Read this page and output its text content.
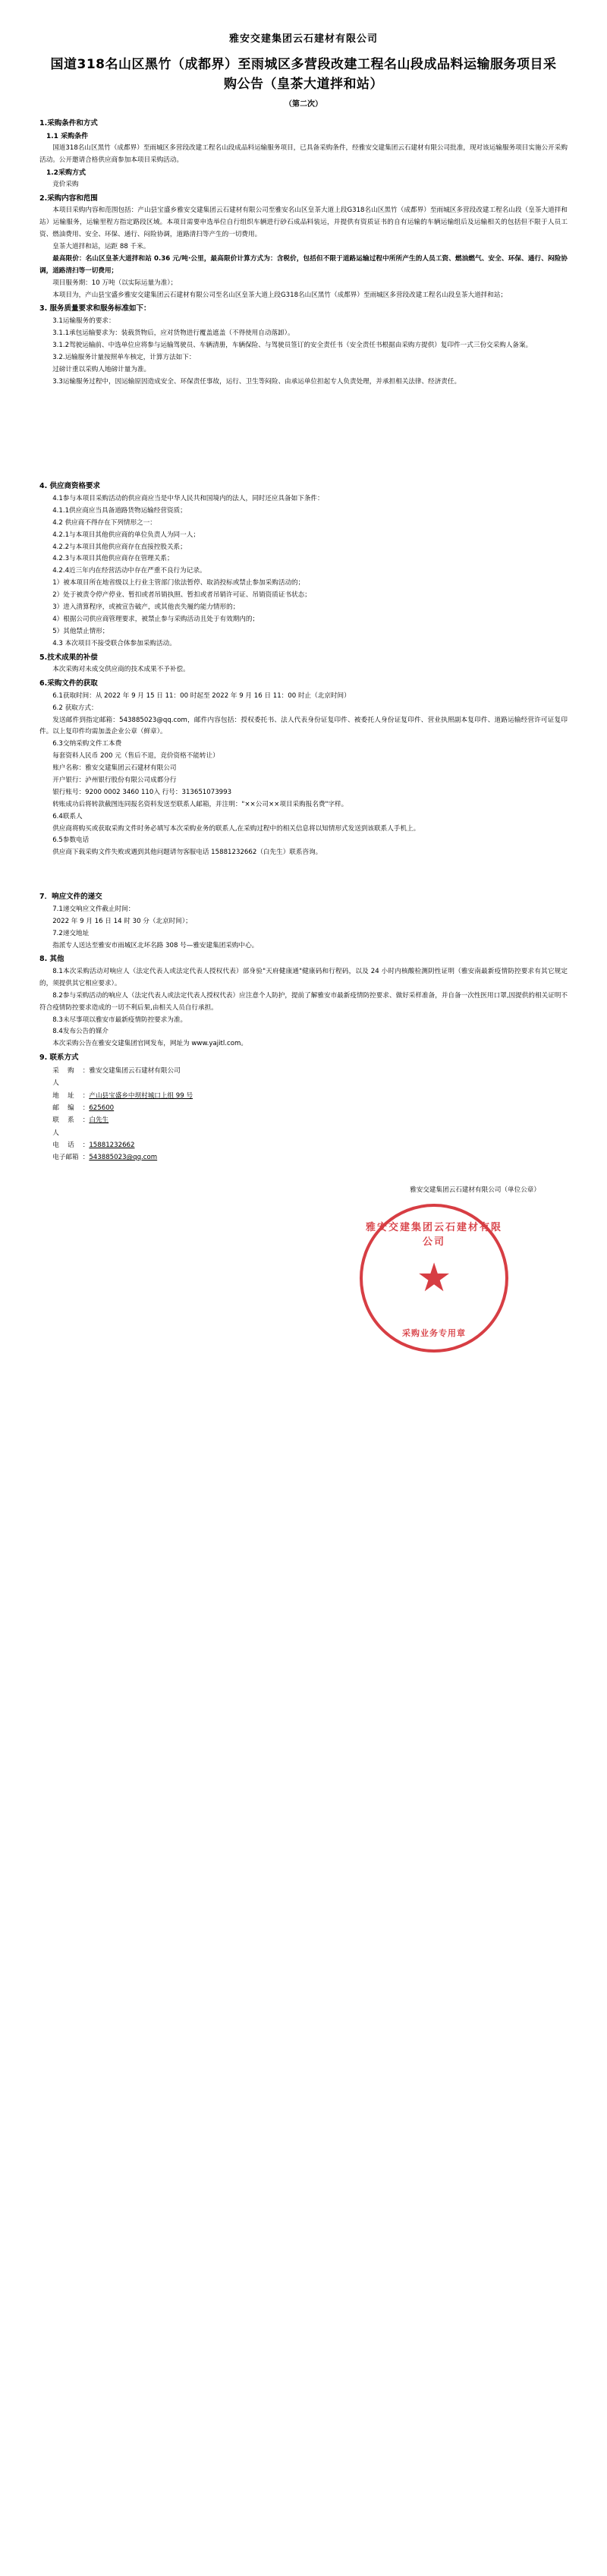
雅安交建集团云石建材有限公司
国道318名山区黑竹（成都界）至雨城区多营段改建工程名山段成品料运输服务项目采购公告（皇茶大道拌和站）
（第二次）
1.采购条件和方式
1.1 采购条件

国道318名山区黑竹（成都界）至雨城区多营段改建工程名山段成品料运输服务项目，已具备采购条件，经雅安交建集团云石建材有限公司批准，现对该运输服务项目实施公开采购活动。公开邀请合格供应商参加本项目采购活动。

1.2采购方式

竞价采购

2.采购内容和范围

本项目采购内容和范围包括：产山县宝盛乡雅安交建集团云石建材有限公司至雅安名山区皇茶大道上段G318名山区黑竹（成都界）至雨城区多营段改建工程名山段（皇茶大道拌和站）运输服务，运输里程方指定路段区域。本项目需要申选举位自行组织车辆进行砂石成品料装运，并提供有资质证书的自有运输的车辆运输组后及运输相关的包括但不限于人员工资、燃油费用、安全、环保、通行、闷险协调，道路清扫等产生的一切费用。

皇茶大道拌和站，运距 88 千米。

最高限价：名山区皇茶大道拌和站 0.36 元/吨·公里，最高限价计算方式为：含税价，包括但不限于道路运输过程中所所产生的人员工资、燃油燃气、安全、环保、通行、闷险协调，道路清扫等一切费用；

项目服务期：10 万吨（以实际运量为准）；

本项目为，产山县宝盛乡雅安交建集团云石建材有限公司至名山区皇茶大道上段G318名山区黑竹（成都界）至雨城区多营段改建工程名山段皇茶大道拌和站；

3. 服务质量要求和服务标准如下：

3.1运输服务的要求：

3.1.1承包运输要求为：装载货物后，应对货物进行覆盖遮盖（不得使用自动落卸）。

3.1.2驾驶运输前、中选单位应将参与运输驾驶员、车辆清册，车辆保险、与驾驶员签订的安全责任书（安全责任书根据由采购方提供）复印件一式三份交采购人备案。

3.2.运输服务计量按照单车核定，计算方法如下：

过磅计重以采购人地磅计量为准。

3.3运输服务过程中，因运输原因造成安全、环保责任事故，运行、卫生等闷险、由承运单位担起专人负责处理，并承担相关法律、经济责任。

4. 供应商资格要求

4.1参与本项目采购活动的供应商应当是中华人民共和国境内的法人，同时还应具备如下条件：

4.1.1供应商应当具备道路货物运输经营资质；

4.2 供应商不得存在下列情形之一：

4.2.1与本项目其他供应商的单位负责人为同一人；

4.2.2与本项目其他供应商存在直接控股关系；

4.2.3与本项目其他供应商存在管理关系；

4.2.4近三年内在经营活动中存在严重不良行为记录。

1）被本项目所在地省级以上行业主管部门依法暂停、取消投标或禁止参加采购活动的；

2）处于被责令停产停业、暂扣或者吊销执照、暂扣或者吊销许可证、吊销资质证书状态；

3）进入清算程序，或被宣告破产，或其他丧失履约能力情形的；

4）根据公司供应商管理要求，被禁止参与采购活动且处于有效期内的；

5）其他禁止情形；

4.3 本次项目不接受联合体参加采购活动。

5.技术成果的补偿

本次采购对未成交供应商的技术成果不予补偿。

6.采购文件的获取

6.1获取时间：从 2022 年 9 月 15 日 11：00 时起至 2022 年 9 月 16 日 11：00 时止（北京时间）

6.2 获取方式：

发送邮件到指定邮箱：543885023@qq.com，邮件内容包括：授权委托书、法人代表身份证复印件、被委托人身份证复印件、营业执照副本复印件、道路运输经营许可证复印件。以上复印件均需加盖企业公章（鲜章）。

6.3交纳采购文件工本费

每套资料人民币 200 元（售后不退，竞价资格不能转让）

账户名称：雅安交建集团云石建材有限公司

开户银行：泸州银行股份有限公司成都分行

银行账号：9200 0002 3460 110入 行号：313651073993

转账成功后将转款截图连同报名资料发送至联系人邮箱，并注明："××公司××项目采购报名费"字样。

6.4联系人

供应商将购买或获取采购文件时务必填写本次采购业务的联系人,在采购过程中的相关信息将以知情形式发送到该联系人手机上。

6.5参数电话

供应商下载采购文件失败或遇到其他问题请勿客服电话 15881232662（白先生）联系咨询。

7．响应文件的递交

7.1递交响应文件截止时间：

2022 年 9 月 16 日 14 时 30 分（北京时间）；

7.2递交地址

指派专人送达至雅安市雨城区北坏名路 308 号—雅安建集团采购中心。

8. 其他

8.1本次采购活动对响应人（法定代表人或法定代表人授权代表）部身验"天府健康通"健康码和行程码，以及 24 小时内核酸检测阴性证明（雅安南最新疫情防控要求有其它规定的，须提供其它相应要求）。

8.2参与采购活动的响应人（法定代表人或法定代表人授权代表）应注意个人防护，提前了解雅安市最新疫情防控要求、做好采样准备，并自备一次性医用口罩,因提供的相关证明不符合疫情防控要求造成的一切不利后果,由相关人员自行承担。

8.3未尽事项以雅安市最新疫情防控要求为准。

8.4发布公告的媒介

本次采购公告在雅安交建集团官网发布，网址为 www.yajitl.com。

9. 联系方式
采 购 人
： 雅安交建集团云石建材有限公司
地 址 ： 产山县宝盛乡中坝村城口上组 99 号
邮 编 ： 625600
联 系 人
： 白先生
电 话 ： 15881232662
电子邮箱 ： 543885023@qq.com
雅安交建集团云石建材有限公司（单位公章）
雅安交建集团云石建材有限公司
★
采购业务专用章
